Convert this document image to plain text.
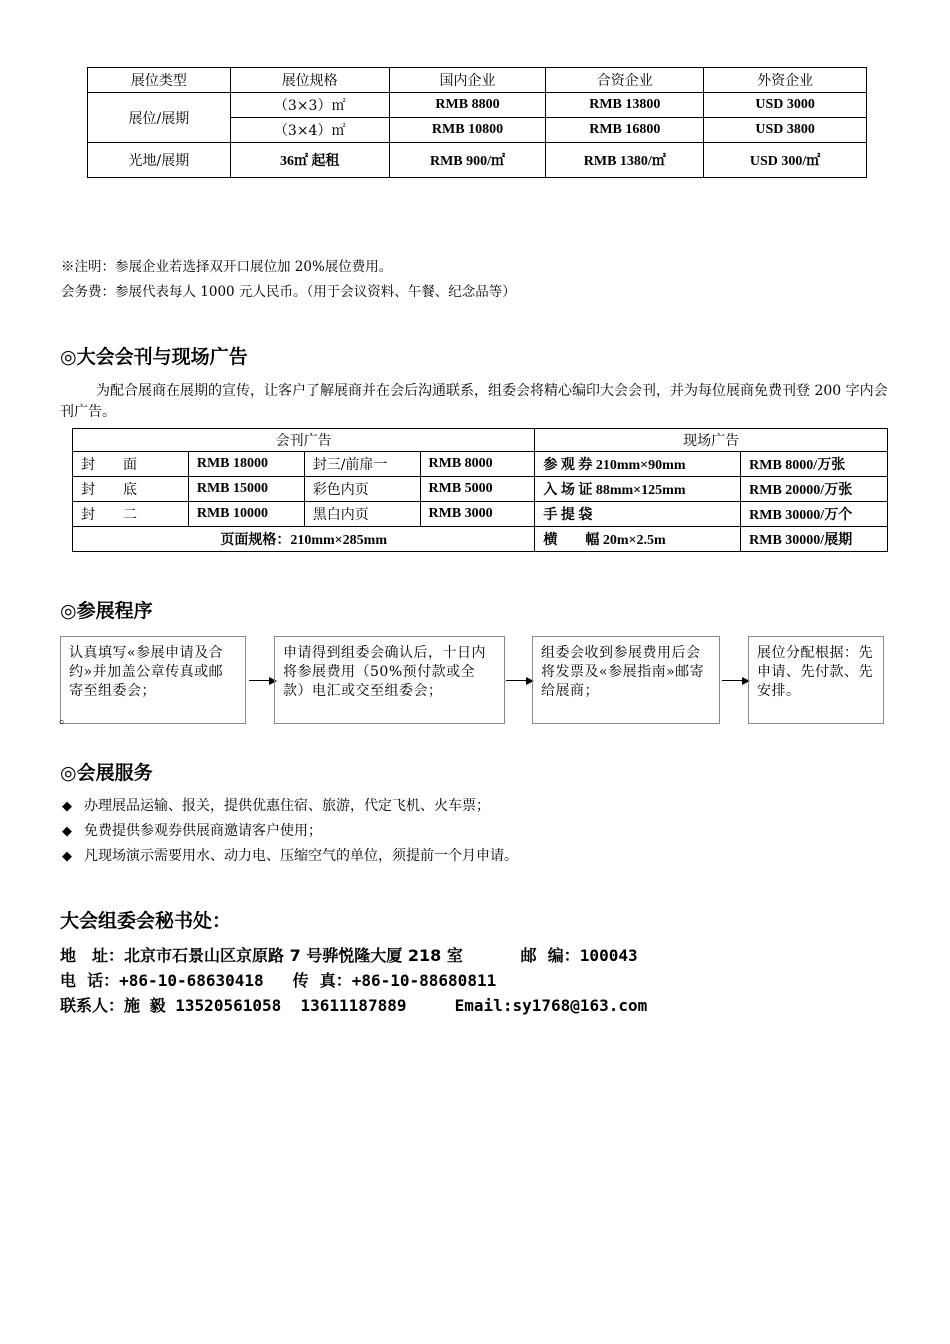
展位类型	展位规格	国内企业	合资企业	外资企业
展位/展期	（3×3）㎡	RMB 8800	RMB 13800	USD 3000
	（3×4）㎡	RMB 10800	RMB 16800	USD 3800
光地/展期	36㎡ 起租	RMB 900/㎡	RMB 1380/㎡	USD 300/㎡
※注明：参展企业若选择双开口展位加 20%展位费用。
会务费：参展代表每人 1000 元人民币。（用于会议资料、午餐、纪念品等）
◎大会会刊与现场广告
为配合展商在展期的宣传，让客户了解展商并在会后沟通联系，组委会将精心编印大会会刊，并为每位展商免费刊登 200 字内会刊广告。
会刊广告				现场广告	
封　　面	RMB 18000	封三/前扉一	RMB 8000	参 观 券 210mm×90mm	RMB 8000/万张
封　　底	RMB 15000	彩色内页	RMB 5000	入 场 证 88mm×125mm	RMB 20000/万张
封　　二	RMB 10000	黑白内页	RMB 3000	手 提 袋	RMB 30000/万个
页面规格：210mm×285mm				横　　幅 20m×2.5m	RMB 30000/展期
◎参展程序
认真填写«参展申请及合约»并加盖公章传真或邮寄至组委会；
。
申请得到组委会确认后，十日内将参展费用（50%预付款或全款）电汇或交至组委会；
组委会收到参展费用后会将发票及«参展指南»邮寄给展商；
展位分配根据：先申请、先付款、先安排。
◎会展服务
◆ 办理展品运输、报关，提供优惠住宿、旅游，代定飞机、火车票；
◆ 免费提供参观券供展商邀请客户使用；
◆ 凡现场演示需要用水、动力电、压缩空气的单位，须提前一个月申请。
大会组委会秘书处：
地　址：北京市石景山区京原路 7 号骅悦隆大厦 218 室	邮  编：100043
电  话：+86-10-68630418 传  真：+86-10-88680811
联系人：施 毅 13520561058  13611187889	Email:sy1768@163.com
